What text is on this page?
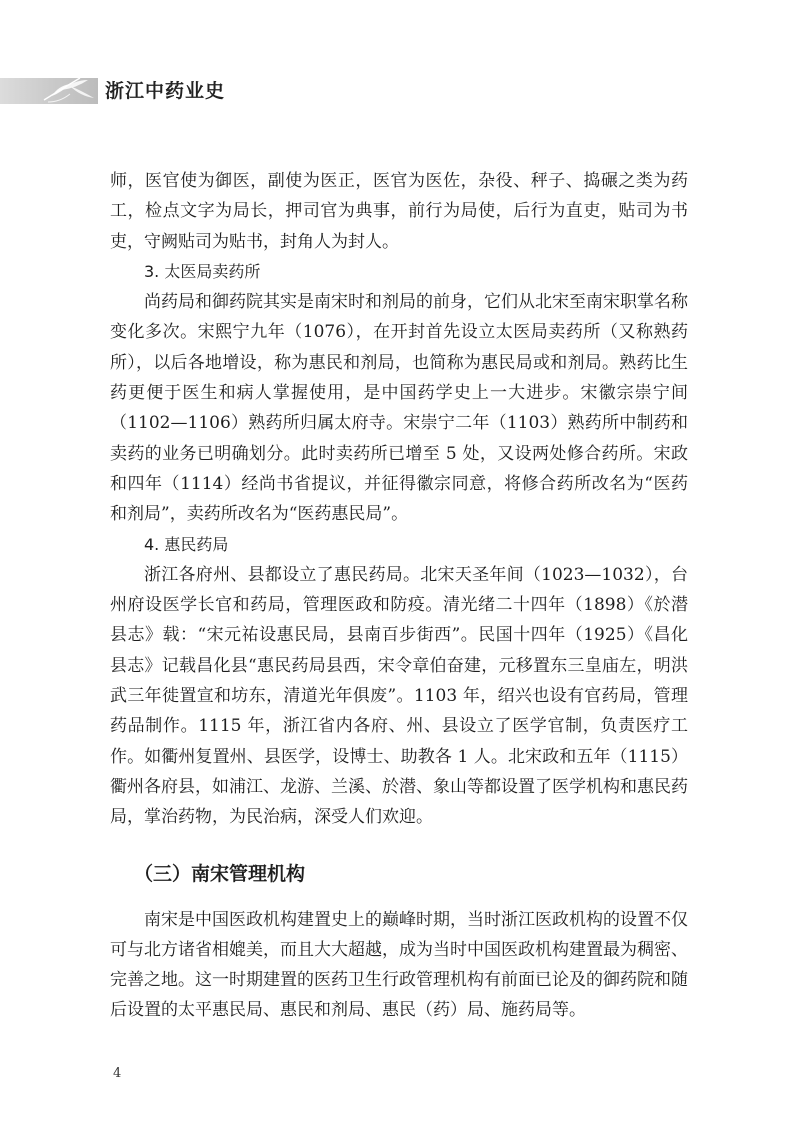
浙江中药业史

师，医官使为御医，副使为医正，医官为医佐，杂役、秤子、捣碾之类为药工，检点文字为局长，押司官为典事，前行为局使，后行为直吏，贴司为书吏，守阙贴司为贴书，封角人为封人。

3. 太医局卖药所

尚药局和御药院其实是南宋时和剂局的前身，它们从北宋至南宋职掌名称变化多次。宋熙宁九年（1076），在开封首先设立太医局卖药所（又称熟药所），以后各地增设，称为惠民和剂局，也简称为惠民局或和剂局。熟药比生药更便于医生和病人掌握使用，是中国药学史上一大进步。宋徽宗崇宁间（1102—1106）熟药所归属太府寺。宋崇宁二年（1103）熟药所中制药和卖药的业务已明确划分。此时卖药所已增至 5 处，又设两处修合药所。宋政和四年（1114）经尚书省提议，并征得徽宗同意，将修合药所改名为“医药和剂局”，卖药所改名为“医药惠民局”。

4. 惠民药局

浙江各府州、县都设立了惠民药局。北宋天圣年间（1023—1032），台州府设医学长官和药局，管理医政和防疫。清光绪二十四年（1898）《於潜县志》载：“宋元祐设惠民局，县南百步街西”。民国十四年（1925）《昌化县志》记载昌化县“惠民药局县西，宋令章伯奋建，元移置东三皇庙左，明洪武三年徙置宣和坊东，清道光年俱废”。1103 年，绍兴也设有官药局，管理药品制作。1115 年，浙江省内各府、州、县设立了医学官制，负责医疗工作。如衢州复置州、县医学，设博士、助教各 1 人。北宋政和五年（1115）衢州各府县，如浦江、龙游、兰溪、於潜、象山等都设置了医学机构和惠民药局，掌治药物，为民治病，深受人们欢迎。

（三）南宋管理机构

南宋是中国医政机构建置史上的巅峰时期，当时浙江医政机构的设置不仅可与北方诸省相媲美，而且大大超越，成为当时中国医政机构建置最为稠密、完善之地。这一时期建置的医药卫生行政管理机构有前面已论及的御药院和随后设置的太平惠民局、惠民和剂局、惠民（药）局、施药局等。

4
